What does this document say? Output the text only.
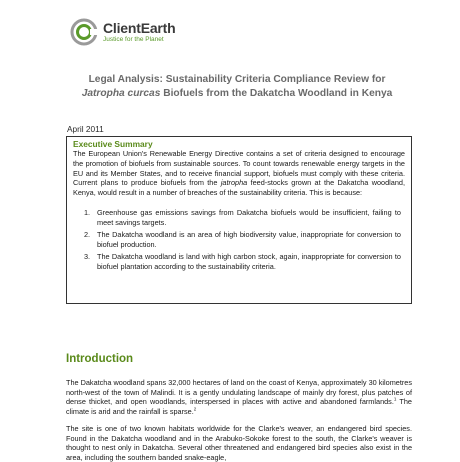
ClientEarth
Justice for the Planet
Legal Analysis: Sustainability Criteria Compliance Review for
Jatropha curcas Biofuels from the Dakatcha Woodland in Kenya
April 2011
Executive Summary

The European Union's Renewable Energy Directive contains a set of criteria designed to encourage the promotion of biofuels from sustainable sources. To count towards renewable energy targets in the EU and its Member States, and to receive financial support, biofuels must comply with these criteria. Current plans to produce biofuels from the jatropha feed-stocks grown at the Dakatcha woodland, Kenya, would result in a number of breaches of the sustainability criteria. This is because:

1. Greenhouse gas emissions savings from Dakatcha biofuels would be insufficient, failing to meet savings targets.
2. The Dakatcha woodland is an area of high biodiversity value, inappropriate for conversion to biofuel production.
3. The Dakatcha woodland is land with high carbon stock, again, inappropriate for conversion to biofuel plantation according to the sustainability criteria.
Introduction

The Dakatcha woodland spans 32,000 hectares of land on the coast of Kenya, approximately 30 kilometres north-west of the town of Malindi. It is a gently undulating landscape of mainly dry forest, plus patches of dense thicket, and open woodlands, interspersed in places with active and abandoned farmlands.$^1$ The climate is arid and the rainfall is sparse.$^2$

The site is one of two known habitats worldwide for the Clarke's weaver, an endangered bird species. Found in the Dakatcha woodland and in the Arabuko-Sokoke forest to the south, the Clarke's weaver is thought to nest only in Dakatcha. Several other threatened and endangered bird species also exist in the area, including the southern banded snake-eagle,
